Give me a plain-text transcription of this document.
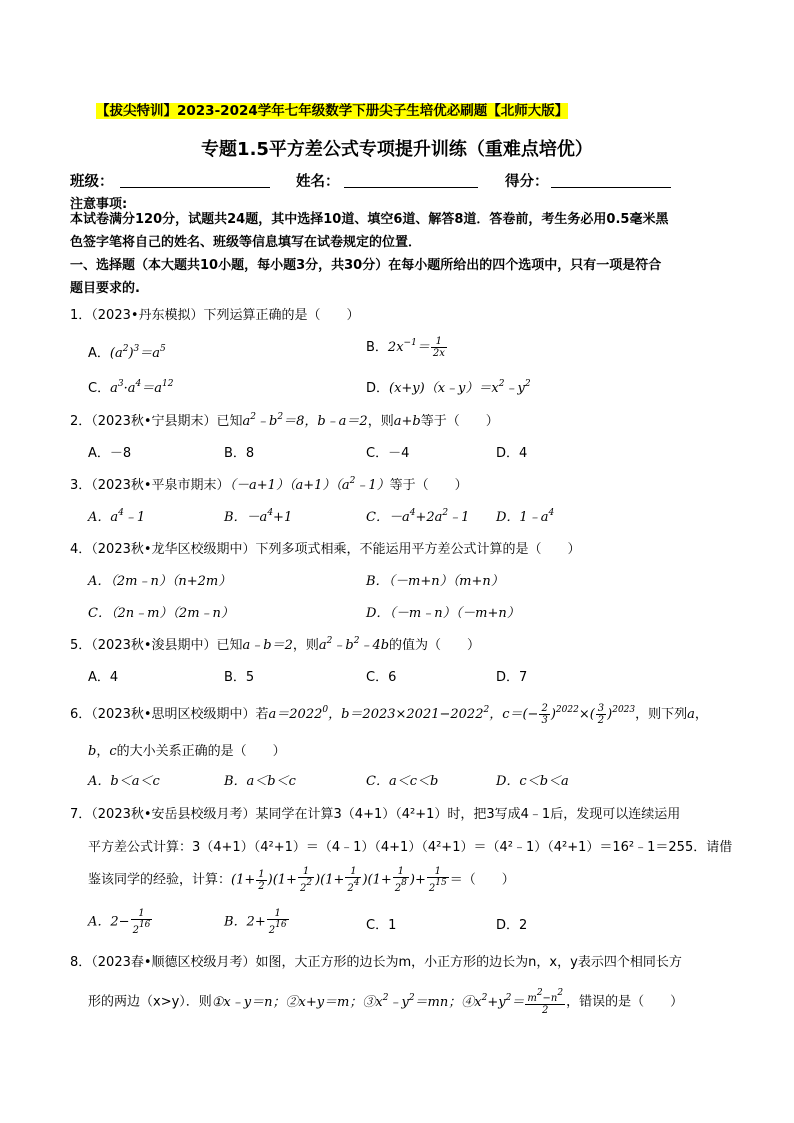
【拔尖特训】2023-2024学年七年级数学下册尖子生培优必刷题【北师大版】
专题1.5平方差公式专项提升训练（重难点培优）
班级：	姓名：	得分：
注意事项:
本试卷满分120分，试题共24题，其中选择10道、填空6道、解答8道．答卷前，考生务必用0.5毫米黑
色签字笔将自己的姓名、班级等信息填写在试卷规定的位置．
一、选择题（本大题共10小题，每小题3分，共30分）在每小题所给出的四个选项中，只有一项是符合
题目要求的.
1．（2023•丹东模拟）下列运算正确的是（　　）
A．$(a^2)^3=a^5$	B．$2x^{-1}= \frac{1}{2x}$
C．$a^3\cdot a^4=a^{12}$	D．$(x+y)(x﹣y)=x^2﹣y^2$
2．（2023秋•宁县期末）已知$a^2﹣b^2=8$，b﹣a＝2，则a+b等于（　　）
A．－8	B．8	C．－4	D．4
3．（2023秋•平泉市期末）$(-a+1)(a+1)(a^2﹣1)$等于（　　）
A．$a^4﹣1$	B．$-a^4+1$	C．$-a^4+2a^2﹣1$ D．$1﹣a^4$
4．（2023秋•龙华区校级期中）下列多项式相乘，不能运用平方差公式计算的是（　　）
A．（2m﹣n）（n+2m）	B．（－m+n）（m+n）
C．（2n﹣m）（2m﹣n）	D．（－m﹣n）（－m+n）
5．（2023秋•浚县期中）已知a﹣b＝2，则$a^2﹣b^2﹣4b$的值为（　　）
A．4	B．5	C．6	D．7
6．（2023秋•思明区校级期中）若$a=2022^0$，$b=2023\times 2021-2022^2$，$c=(- \frac{2}{3} )^{2022}\times( \frac{3}{2} )^{2023}$，则下列a，
b，c的大小关系正确的是（　　）
A．b＜a＜c	B．a＜b＜c	C．a＜c＜b	D．c＜b＜a
7．（2023秋•安岳县校级月考）某同学在计算3（4+1）（4²+1）时，把3写成4﹣1后，发现可以连续运用
平方差公式计算：3（4+1）（4²+1）＝（4﹣1）（4+1）（4²+1）＝（4²﹣1）（4²+1）＝16²﹣1＝255．请借
鉴该同学的经验，计算：$(1+ \frac{1}{2} )(1+ \frac{1}{2^2} )(1+ \frac{1}{2^4} )(1+ \frac{1}{2^8}$ )+ $\frac{1}{2^{15}}$ ＝（　　）
A．$2- \frac{1}{2^{16}}$	B．$2+ \frac{1}{2^{16}}$	C．1	D．2
8．（2023春•顺德区校级月考）如图，大正方形的边长为m，小正方形的边长为n，x，y表示四个相同长方
形的两边（x>y）．则①x﹣y＝n；②x+y＝m；$③x^2﹣y^2=mn$；$④x^2+y^2= \frac{m^2-n^2}{2}$ ，错误的是（　　）
